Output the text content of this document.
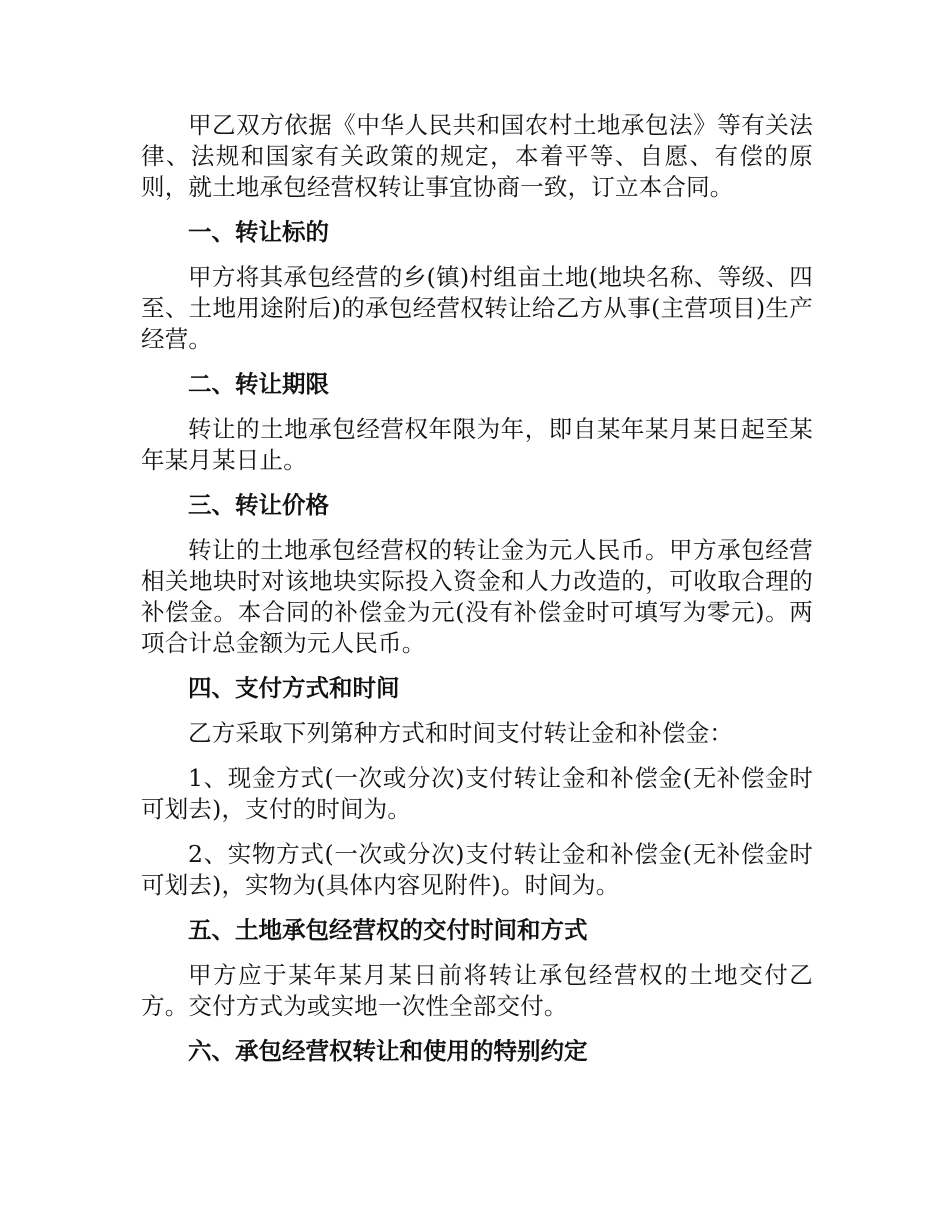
甲乙双方依据《中华人民共和国农村土地承包法》等有关法律、法规和国家有关政策的规定，本着平等、自愿、有偿的原则，就土地承包经营权转让事宜协商一致，订立本合同。

一、转让标的

甲方将其承包经营的乡(镇)村组亩土地(地块名称、等级、四至、土地用途附后)的承包经营权转让给乙方从事(主营项目)生产经营。

二、转让期限

转让的土地承包经营权年限为年，即自某年某月某日起至某年某月某日止。

三、转让价格

转让的土地承包经营权的转让金为元人民币。甲方承包经营相关地块时对该地块实际投入资金和人力改造的，可收取合理的补偿金。本合同的补偿金为元(没有补偿金时可填写为零元)。两项合计总金额为元人民币。

四、支付方式和时间

乙方采取下列第种方式和时间支付转让金和补偿金：

1、现金方式(一次或分次)支付转让金和补偿金(无补偿金时可划去)，支付的时间为。

2、实物方式(一次或分次)支付转让金和补偿金(无补偿金时可划去)，实物为(具体内容见附件)。时间为。

五、土地承包经营权的交付时间和方式

甲方应于某年某月某日前将转让承包经营权的土地交付乙方。交付方式为或实地一次性全部交付。

六、承包经营权转让和使用的特别约定
